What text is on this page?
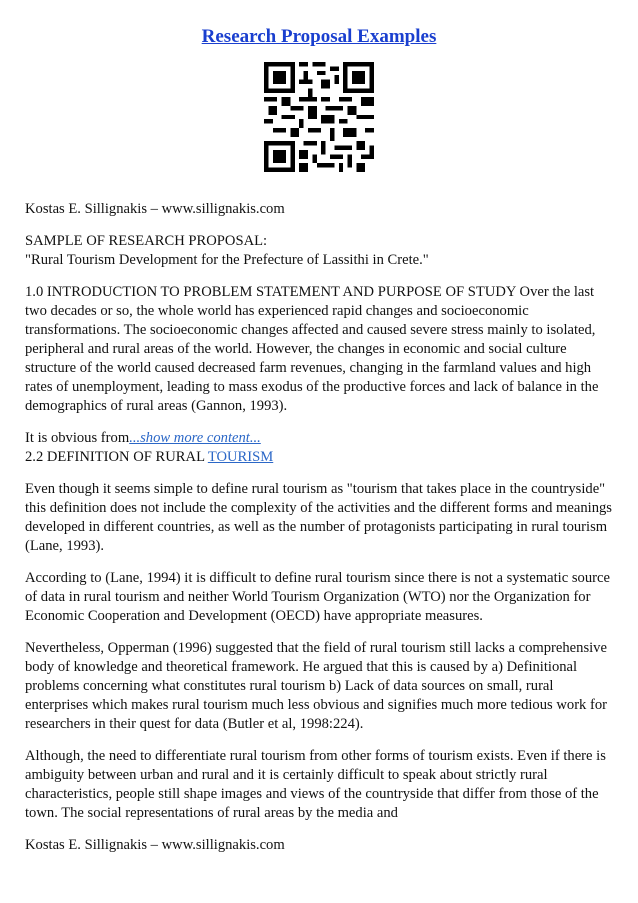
Research Proposal Examples

Kostas E. Sillignakis – www.sillignakis.com

SAMPLE OF RESEARCH PROPOSAL:
"Rural Tourism Development for the Prefecture of Lassithi in Crete."

1.0 INTRODUCTION TO PROBLEM STATEMENT AND PURPOSE OF STUDY Over the last two decades or so, the whole world has experienced rapid changes and socioeconomic transformations. The socioeconomic changes affected and caused severe stress mainly to isolated, peripheral and rural areas of the world. However, the changes in economic and social culture structure of the world caused decreased farm revenues, changing in the farmland values and high rates of unemployment, leading to mass exodus of the productive forces and lack of balance in the demographics of rural areas (Gannon, 1993).

It is obvious from...show more content...

2.2 DEFINITION OF RURAL TOURISM

Even though it seems simple to define rural tourism as "tourism that takes place in the countryside" this definition does not include the complexity of the activities and the different forms and meanings developed in different countries, as well as the number of protagonists participating in rural tourism (Lane, 1993).

According to (Lane, 1994) it is difficult to define rural tourism since there is not a systematic source of data in rural tourism and neither World Tourism Organization (WTO) nor the Organization for Economic Cooperation and Development (OECD) have appropriate measures.

Nevertheless, Opperman (1996) suggested that the field of rural tourism still lacks a comprehensive body of knowledge and theoretical framework. He argued that this is caused by a) Definitional problems concerning what constitutes rural tourism b) Lack of data sources on small, rural enterprises which makes rural tourism much less obvious and signifies much more tedious work for researchers in their quest for data (Butler et al, 1998:224).

Although, the need to differentiate rural tourism from other forms of tourism exists. Even if there is ambiguity between urban and rural and it is certainly difficult to speak about strictly rural characteristics, people still shape images and views of the countryside that differ from those of the town. The social representations of rural areas by the media and

Kostas E. Sillignakis – www.sillignakis.com
